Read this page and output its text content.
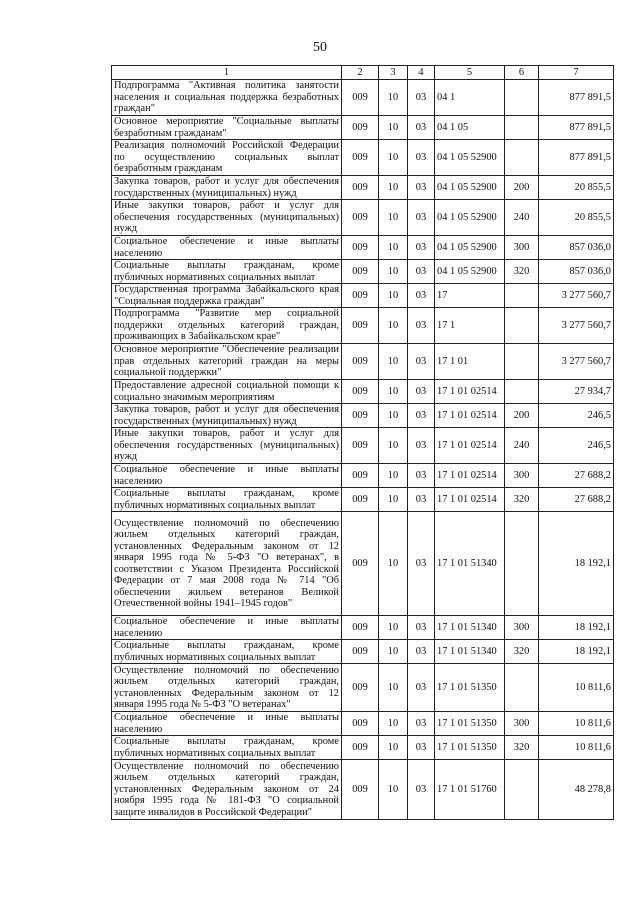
50
1	2	3	4	5	6	7
Подпрограмма "Активная политика занятости населения и социальная поддержка безработных граждан"	009	10	03	04 1		877 891,5
Основное мероприятие "Социальные выплаты безработным гражданам"	009	10	03	04 1 05		877 891,5
Реализация полномочий Российской Федерации по осуществлению социальных выплат безработным гражданам	009	10	03	04 1 05 52900		877 891,5
Закупка товаров, работ и услуг для обеспечения государственных (муниципальных) нужд	009	10	03	04 1 05 52900	200	20 855,5
Иные закупки товаров, работ и услуг для обеспечения государственных (муниципальных) нужд	009	10	03	04 1 05 52900	240	20 855,5
Социальное обеспечение и иные выплаты населению	009	10	03	04 1 05 52900	300	857 036,0
Социальные выплаты гражданам, кроме публичных нормативных социальных выплат	009	10	03	04 1 05 52900	320	857 036,0
Государственная программа Забайкальского края "Социальная поддержка граждан"	009	10	03	17		3 277 560,7
Подпрограмма "Развитие мер социальной поддержки отдельных категорий граждан, проживающих в Забайкальском крае"	009	10	03	17 1		3 277 560,7
Основное мероприятие "Обеспечение реализации прав отдельных категорий граждан на меры социальной поддержки"	009	10	03	17 1 01		3 277 560,7
Предоставление адресной социальной помощи к социально значимым мероприятиям	009	10	03	17 1 01 02514		27 934,7
Закупка товаров, работ и услуг для обеспечения государственных (муниципальных) нужд	009	10	03	17 1 01 02514	200	246,5
Иные закупки товаров, работ и услуг для обеспечения государственных (муниципальных) нужд	009	10	03	17 1 01 02514	240	246,5
Социальное обеспечение и иные выплаты населению	009	10	03	17 1 01 02514	300	27 688,2
Социальные выплаты гражданам, кроме публичных нормативных социальных выплат	009	10	03	17 1 01 02514	320	27 688,2
Осуществление полномочий по обеспечению жильем отдельных категорий граждан, установленных Федеральным законом от 12 января 1995 года № 5-ФЗ "О ветеранах", в соответствии с Указом Президента Российской Федерации от 7 мая 2008 года № 714 "Об обеспечении жильем ветеранов Великой Отечественной войны 1941–1945 годов"	009	10	03	17 1 01 51340		18 192,1
Социальное обеспечение и иные выплаты населению	009	10	03	17 1 01 51340	300	18 192,1
Социальные выплаты гражданам, кроме публичных нормативных социальных выплат	009	10	03	17 1 01 51340	320	18 192,1
Осуществление полномочий по обеспечению жильем отдельных категорий граждан, установленных Федеральным законом от 12 января 1995 года № 5-ФЗ "О ветеранах"	009	10	03	17 1 01 51350		10 811,6
Социальное обеспечение и иные выплаты населению	009	10	03	17 1 01 51350	300	10 811,6
Социальные выплаты гражданам, кроме публичных нормативных социальных выплат	009	10	03	17 1 01 51350	320	10 811,6
Осуществление полномочий по обеспечению жильем отдельных категорий граждан, установленных Федеральным законом от 24 ноября 1995 года № 181-ФЗ "О социальной защите инвалидов в Российской Федерации"	009	10	03	17 1 01 51760		48 278,8
